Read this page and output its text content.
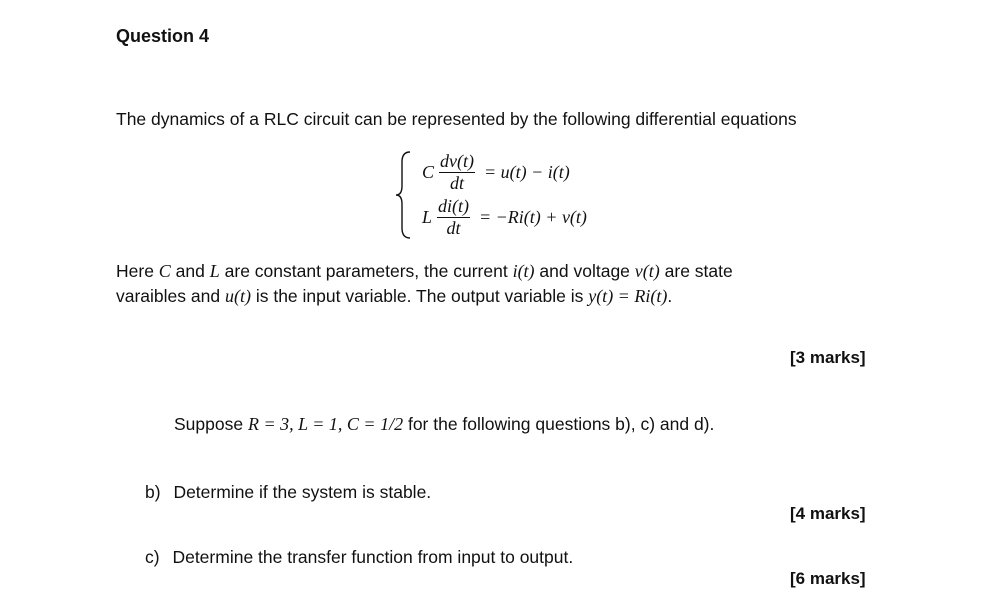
Question 4
The dynamics of a RLC circuit can be represented by the following differential equations
C $\frac{dv(t)}{dt} = u(t) - i(t)$
L $\frac{di(t)}{dt} = -Ri(t) + v(t)$
Here C and L are constant parameters, the current i(t) and voltage v(t) are state
varaibles and u(t) is the input variable. The output variable is y(t) = Ri(t).
[3 marks]
Suppose R = 3, L = 1, C = 1/2 for the following questions b), c) and d).
b) Determine if the system is stable.
[4 marks]
c) Determine the transfer function from input to output.
[6 marks]
